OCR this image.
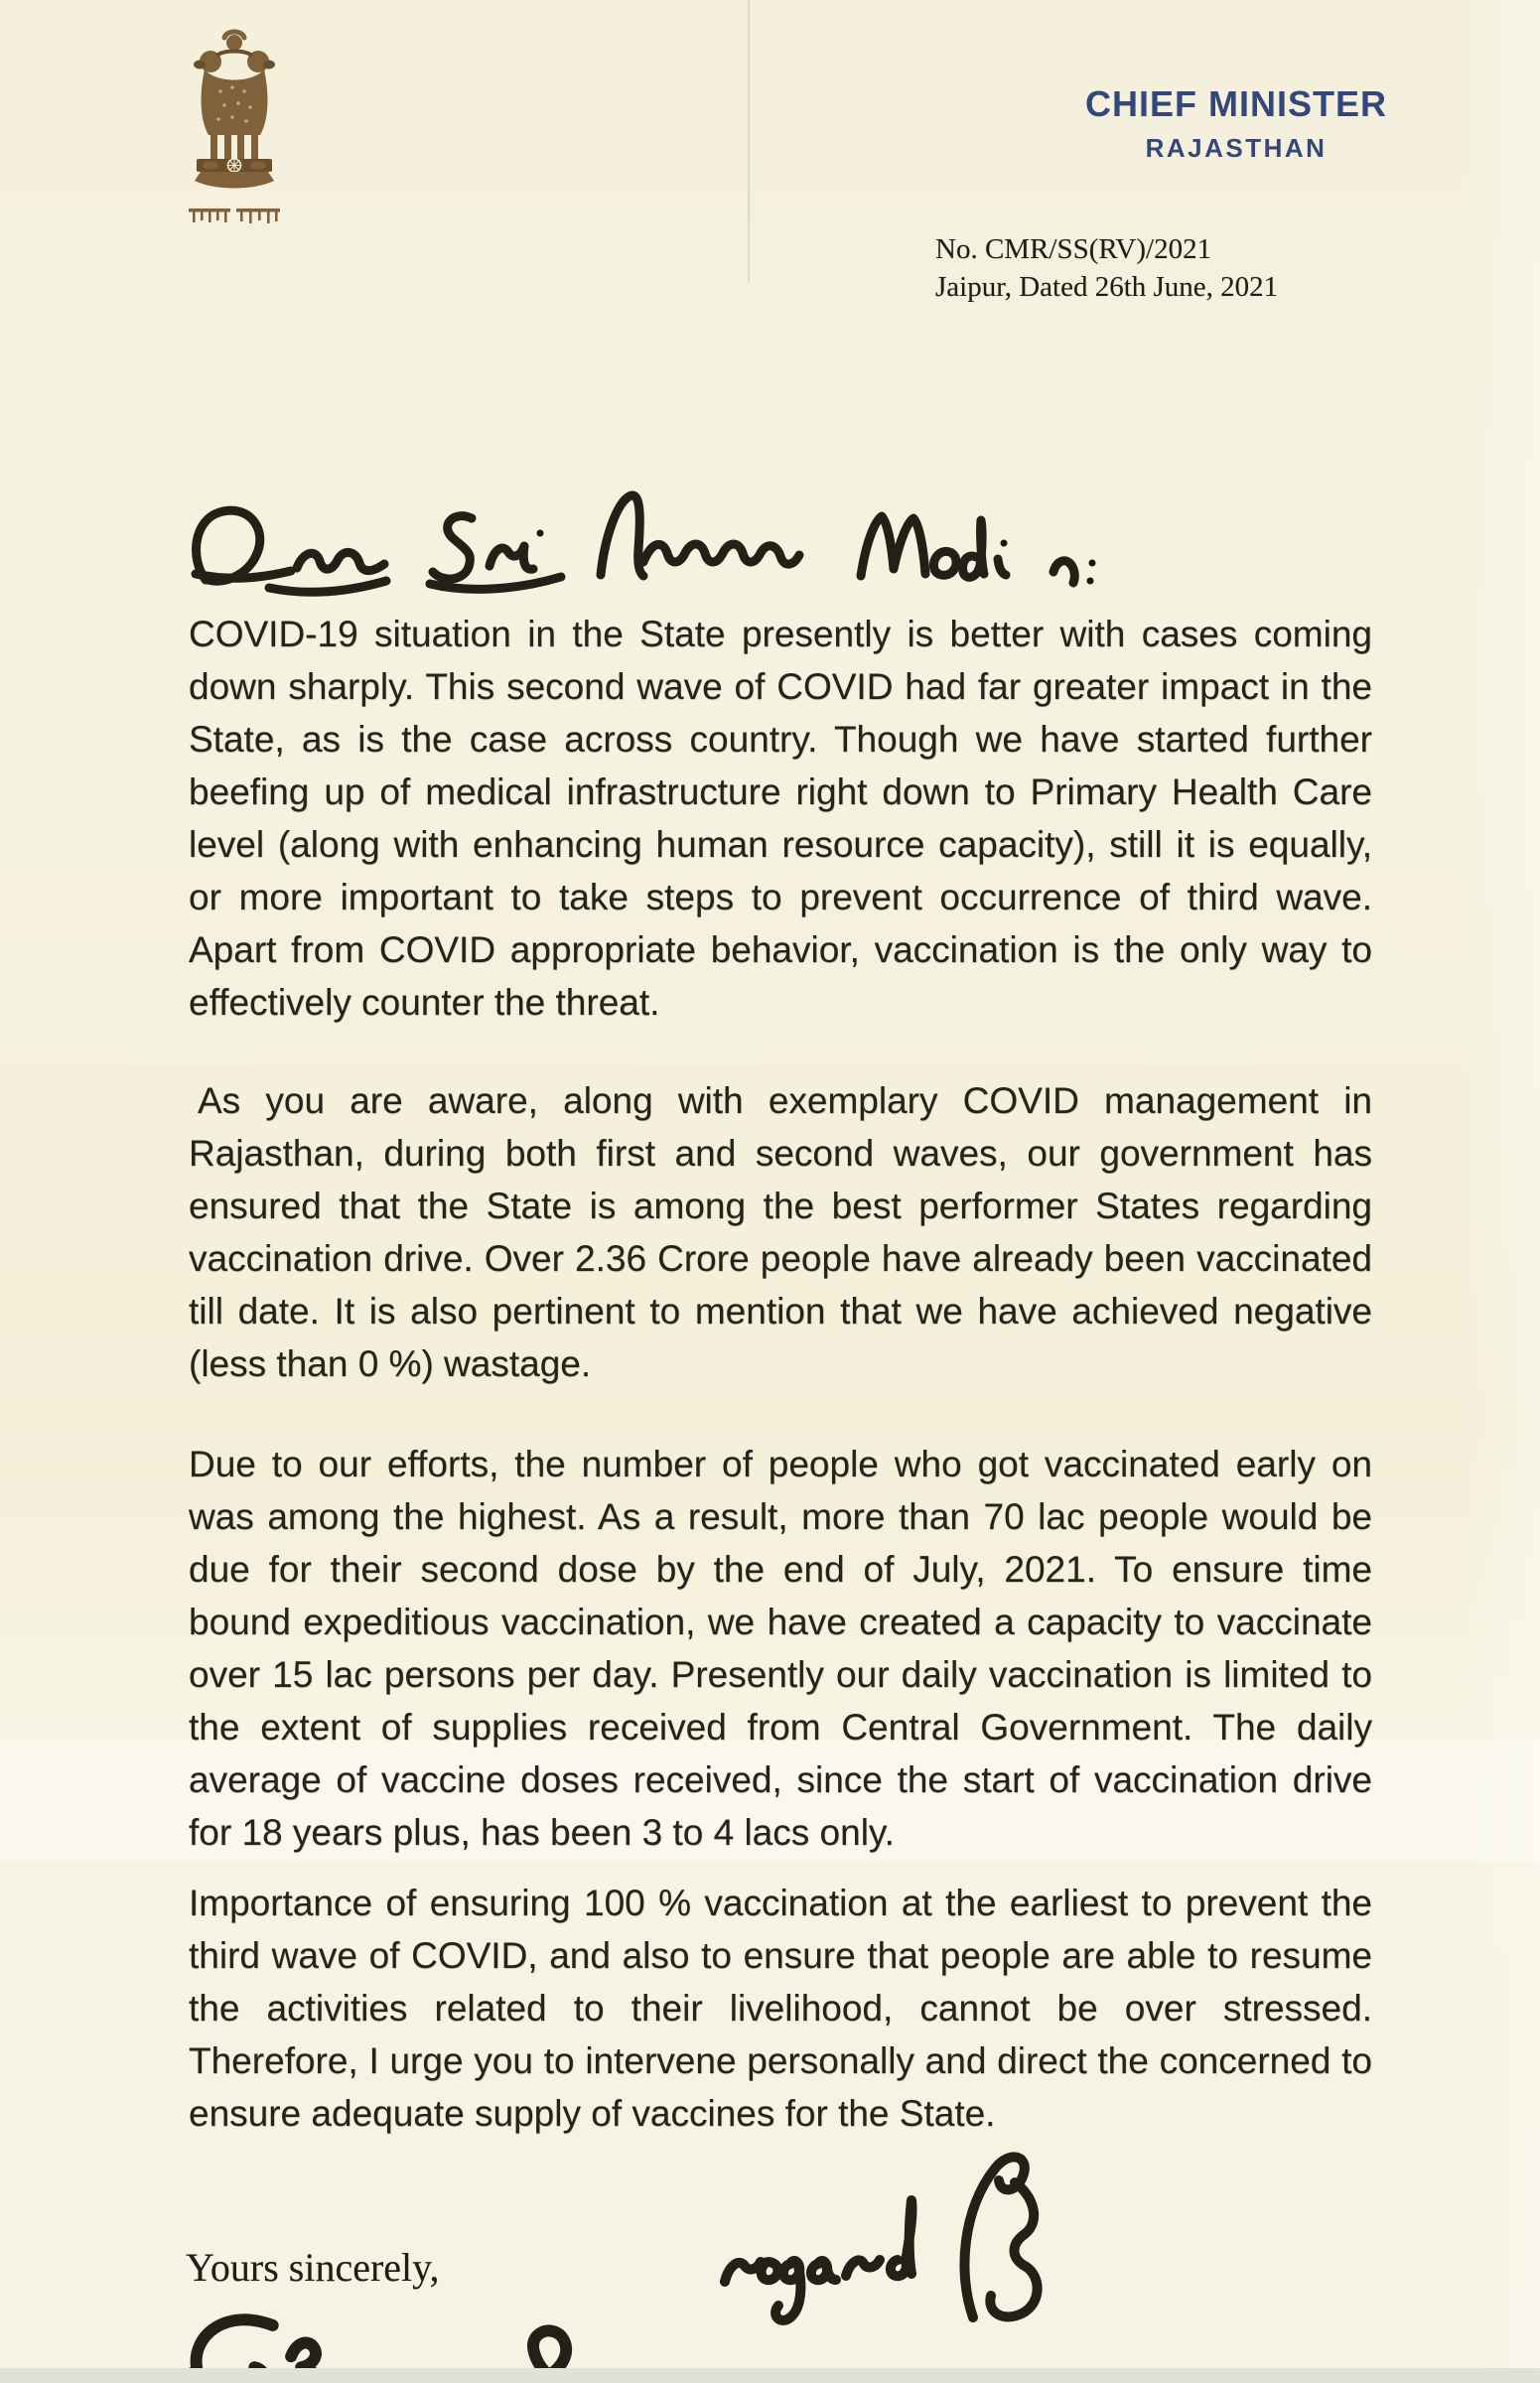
CHIEF MINISTER
RAJASTHAN
No. CMR/SS(RV)/2021
Jaipur, Dated 26th June, 2021

COVID-19 situation in the State presently is better with cases coming down sharply. This second wave of COVID had far greater impact in the State, as is the case across country. Though we have started further beefing up of medical infrastructure right down to Primary Health Care level (along with enhancing human resource capacity), still it is equally, or more important to take steps to prevent occurrence of third wave. Apart from COVID appropriate behavior, vaccination is the only way to effectively counter the threat.

As you are aware, along with exemplary COVID management in Rajasthan, during both first and second waves, our government has ensured that the State is among the best performer States regarding vaccination drive. Over 2.36 Crore people have already been vaccinated till date. It is also pertinent to mention that we have achieved negative (less than 0 %) wastage.

Due to our efforts, the number of people who got vaccinated early on was among the highest. As a result, more than 70 lac people would be due for their second dose by the end of July, 2021. To ensure time bound expeditious vaccination, we have created a capacity to vaccinate over 15 lac persons per day. Presently our daily vaccination is limited to the extent of supplies received from Central Government. The daily average of vaccine doses received, since the start of vaccination drive for 18 years plus, has been 3 to 4 lacs only.

Importance of ensuring 100 % vaccination at the earliest to prevent the third wave of COVID, and also to ensure that people are able to resume the activities related to their livelihood, cannot be over stressed. Therefore, I urge you to intervene personally and direct the concerned to ensure adequate supply of vaccines for the State.

Yours sincerely,
